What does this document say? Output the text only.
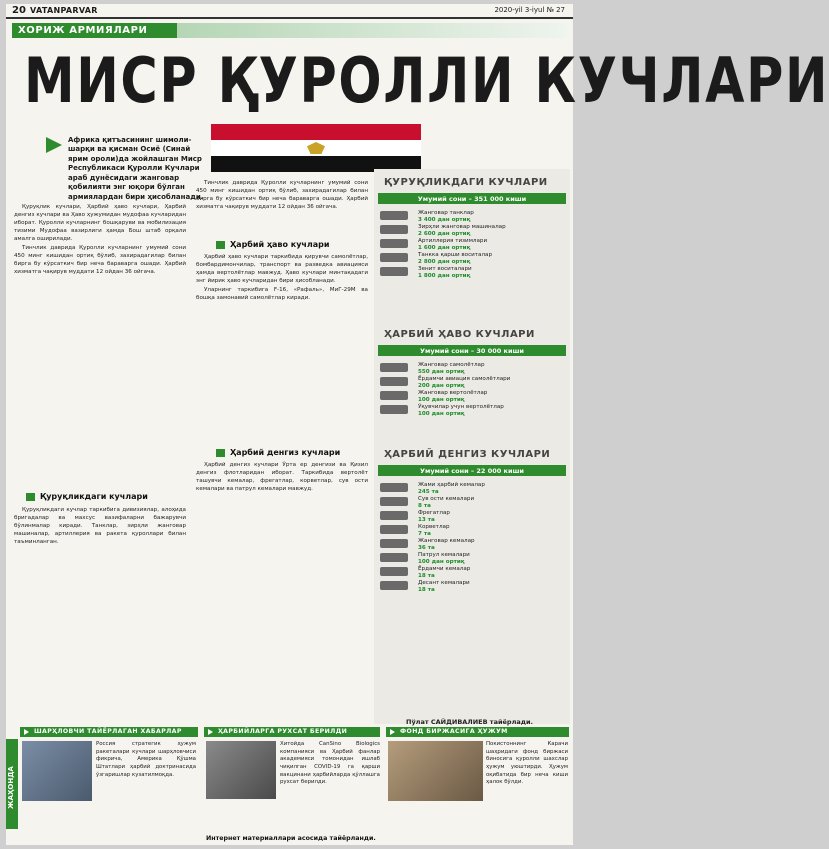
20 VATANPARVAR	2020-yil 3-iyul № 27
ХОРИЖ АРМИЯЛАРИ
МИСР ҚУРОЛЛИ КУЧЛАРИ
Африка қитъасининг шимоли-шарқи ва қисман Осиё (Синай ярим ороли)да жойлашган Миср Республикаси Қуролли Кучлари араб дунёсидаги жанговар қобилияти энг юқори бўлган армиялардан бири ҳисобланади.

Қуруқлик кучлари, Ҳарбий ҳаво кучлари, Ҳарбий денгиз кучлари ва Ҳаво ҳужумидан мудофаа кучларидан иборат. Қуролли кучларнинг бошқаруви ва мобилизация тизими Мудофаа вазирлиги ҳамда Бош штаб орқали амалга оширилади.

Тинчлик даврида Қуролли кучларнинг умумий сони 450 минг кишидан ортиқ бўлиб, захирадагилар билан бирга бу кўрсаткич бир неча бараварга ошади. Ҳарбий хизматга чақирув муддати 12 ойдан 36 ойгача.

Қуруқликдаги кучлари

Қуруқликдаги кучлар таркибига дивизиялар, алоҳида бригадалар ва махсус вазифаларни бажарувчи бўлинмалар киради. Танклар, зирҳли жанговар машиналар, артиллерия ва ракета қуроллари билан таъминланган.

Ҳарбий ҳаво кучлари

Тинчлик даврида Қуролли кучларнинг умумий сони 450 минг кишидан ортиқ бўлиб, захирадагилар билан бирга бу кўрсаткич бир неча бараварга ошади. Ҳарбий хизматга чақирув муддати 12 ойдан 36 ойгача.

Ҳарбий ҳаво кучлари таркибида қирувчи самолётлар, бомбардимончилар, транспорт ва разведка авиацияси ҳамда вертолётлар мавжуд. Ҳаво кучлари минтақадаги энг йирик ҳаво кучларидан бири ҳисобланади.

Уларнинг таркибига F-16, «Рафаль», МиГ-29М ва бошқа замонавий самолётлар киради.

Ҳарбий денгиз кучлари

Ҳарбий денгиз кучлари Ўрта ер денгизи ва Қизил денгиз флотларидан иборат. Таркибида вертолёт ташувчи кемалар, фрегатлар, корветлар, сув ости кемалари ва патрул кемалари мавжуд.

ҚУРУҚЛИКДАГИ КУЧЛАРИ
Умумий сони – 351 000 киши
Жанговар танклар
3 400 дан ортиқ
Зирҳли жанговар машиналар
2 600 дан ортиқ
Артиллерия тизимлари
1 600 дан ортиқ
Танкка қарши воситалар
2 800 дан ортиқ
Зенит воситалари
1 800 дан ортиқ
ҲАРБИЙ ҲАВО КУЧЛАРИ
Умумий сони – 30 000 киши
Жанговар самолётлар
550 дан ортиқ
Ёрдамчи авиация самолётлари
200 дан ортиқ
Жанговар вертолётлар
100 дан ортиқ
Ўқувчилар учун вертолётлар
100 дан ортиқ
ҲАРБИЙ ДЕНГИЗ КУЧЛАРИ
Умумий сони – 22 000 киши
Жами ҳарбий кемалар
245 та
Сув ости кемалари
8 та
Фрегатлар
13 та
Корветлар
7 та
Жанговар кемалар
36 та
Патрул кемалари
100 дан ортиқ
Ёрдамчи кемалар
18 та
Десант кемалари
18 та
Пўлат САЙДИВАЛИЕВ тайёрлади.
ШАРҲЛОВЧИ ТАЙЁРЛАГАН ХАБАРЛАР	ҲАРБИЙЛАРГА РУХСАТ БЕРИЛДИ	ФОНД БИРЖАСИГА ҲУЖУМ
ЖАҲОНДА
Россия стратегик ҳужум ракеталари кучлари шарҳловчиси фикрича, Америка Қўшма Штатлари ҳарбий доктринасида ўзгаришлар кузатилмоқда.
Хитойда CanSino Biologics компанияси ва Ҳарбий фанлар академияси томонидан ишлаб чиқилган COVID-19 га қарши вакцинани ҳарбийларда қўллашга рухсат берилди.
Покистоннинг Карачи шаҳридаги фонд биржаси биносига қуролли шахслар ҳужум уюштирди. Ҳужум оқибатида бир неча киши ҳалок бўлди.
Интернет материаллари асосида тайёрланди.
